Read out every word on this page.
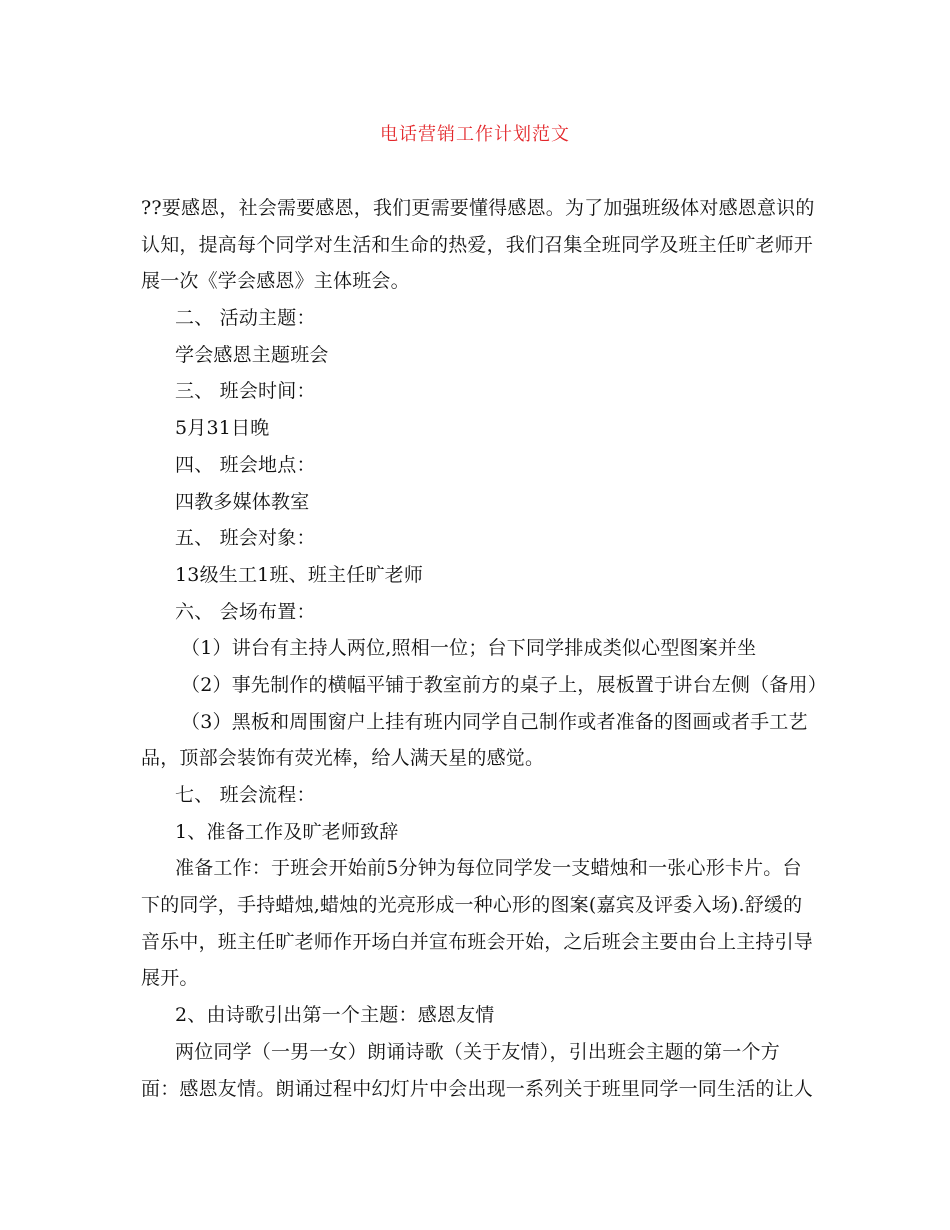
电话营销工作计划范文
??要感恩，社会需要感恩，我们更需要懂得感恩。为了加强班级体对感恩意识的
认知，提高每个同学对生活和生命的热爱，我们召集全班同学及班主任旷老师开
展一次《学会感恩》主体班会。
二、 活动主题：
学会感恩主题班会
三、 班会时间：
5月31日晚
四、 班会地点：
四教多媒体教室
五、 班会对象：
13级生工1班、班主任旷老师
六、 会场布置：
（1）讲台有主持人两位,照相一位；台下同学排成类似心型图案并坐
（2）事先制作的横幅平铺于教室前方的桌子上，展板置于讲台左侧（备用）
（3）黑板和周围窗户上挂有班内同学自己制作或者准备的图画或者手工艺
品，顶部会装饰有荧光棒，给人满天星的感觉。
七、 班会流程：
1、准备工作及旷老师致辞
准备工作：于班会开始前5分钟为每位同学发一支蜡烛和一张心形卡片。台
下的同学，手持蜡烛,蜡烛的光亮形成一种心形的图案(嘉宾及评委入场).舒缓的
音乐中，班主任旷老师作开场白并宣布班会开始，之后班会主要由台上主持引导
展开。
2、由诗歌引出第一个主题：感恩友情
两位同学（一男一女）朗诵诗歌（关于友情），引出班会主题的第一个方
面：感恩友情。朗诵过程中幻灯片中会出现一系列关于班里同学一同生活的让人
